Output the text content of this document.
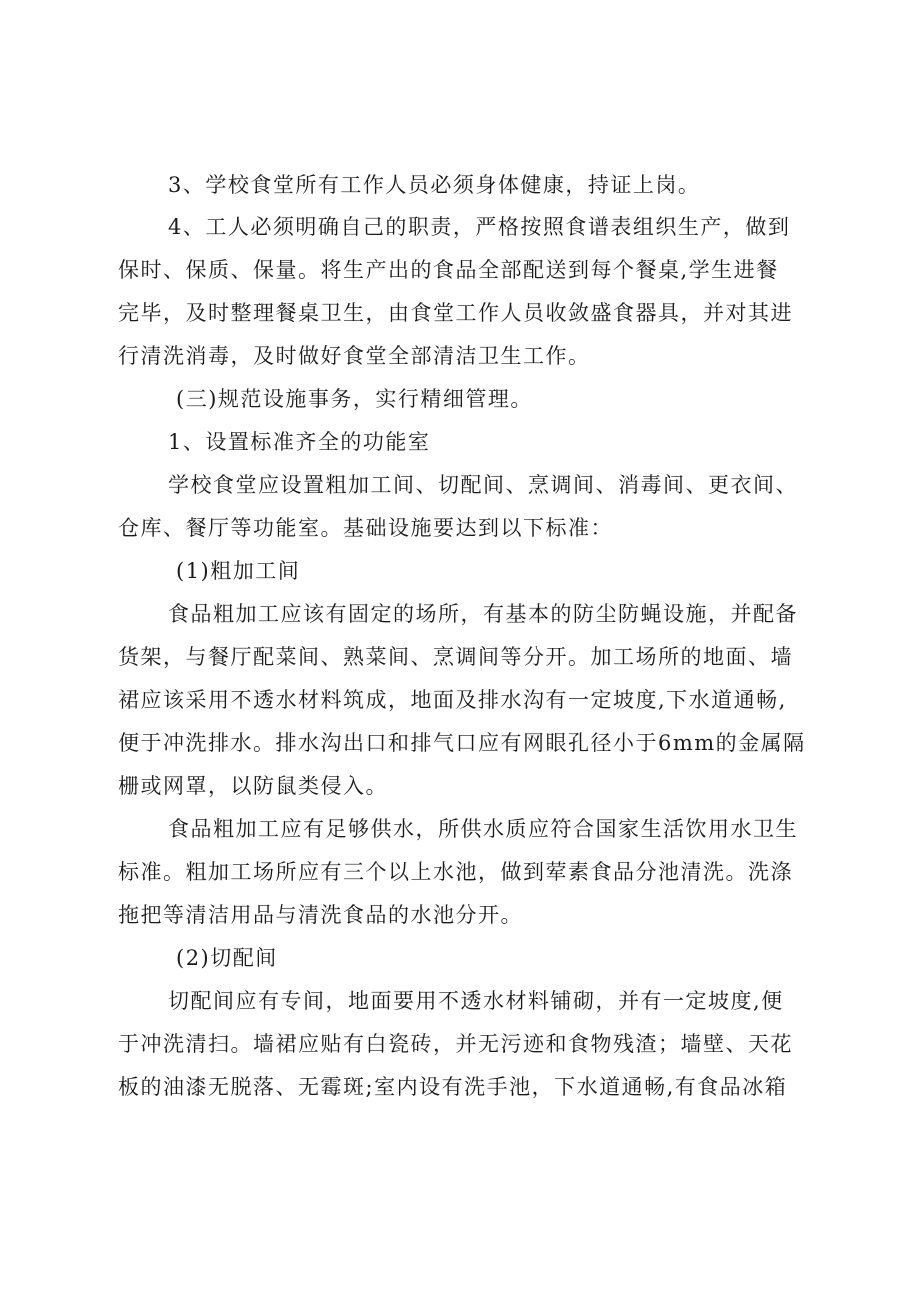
3、学校食堂所有工作人员必须身体健康，持证上岗。
4、工人必须明确自己的职责，严格按照食谱表组织生产，做到
保时、保质、保量。将生产出的食品全部配送到每个餐桌,学生进餐
完毕，及时整理餐桌卫生，由食堂工作人员收敛盛食器具，并对其进
行清洗消毒，及时做好食堂全部清洁卫生工作。
(三)规范设施事务，实行精细管理。
1、设置标准齐全的功能室
学校食堂应设置粗加工间、切配间、烹调间、消毒间、更衣间、
仓库、餐厅等功能室。基础设施要达到以下标准：
(1)粗加工间
食品粗加工应该有固定的场所，有基本的防尘防蝇设施，并配备
货架，与餐厅配菜间、熟菜间、烹调间等分开。加工场所的地面、墙
裙应该采用不透水材料筑成，地面及排水沟有一定坡度,下水道通畅,
便于冲洗排水。排水沟出口和排气口应有网眼孔径小于6mm的金属隔
栅或网罩，以防鼠类侵入。
食品粗加工应有足够供水，所供水质应符合国家生活饮用水卫生
标准。粗加工场所应有三个以上水池，做到荤素食品分池清洗。洗涤
拖把等清洁用品与清洗食品的水池分开。
(2)切配间
切配间应有专间，地面要用不透水材料铺砌，并有一定坡度,便
于冲洗清扫。墙裙应贴有白瓷砖，并无污迹和食物残渣；墙壁、天花
板的油漆无脱落、无霉斑;室内设有洗手池，下水道通畅,有食品冰箱
